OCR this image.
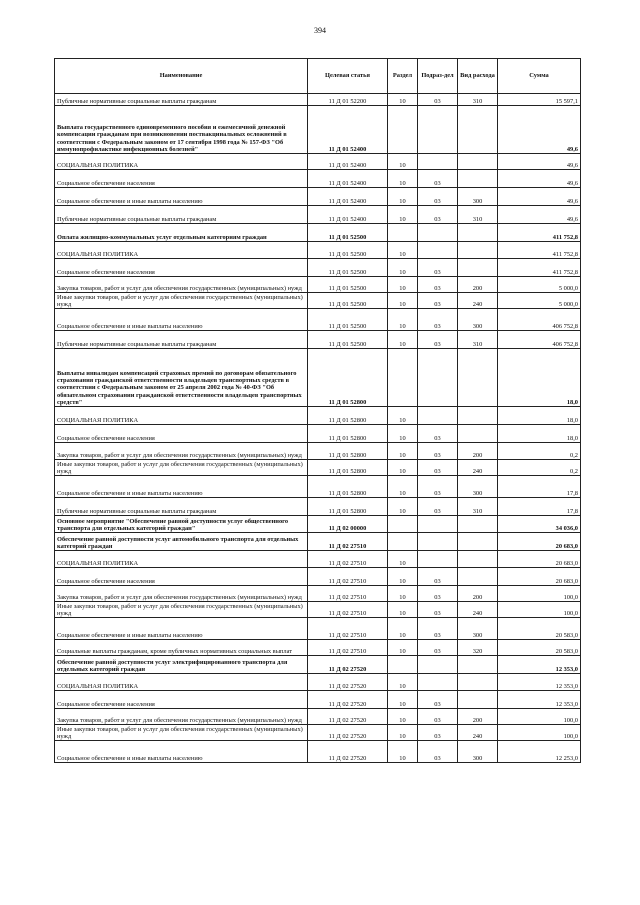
394
Наименование	Целевая статья	Раздел	Подраз-дел	Вид расхода	Сумма
Публичные нормативные социальные выплаты гражданам	11 Д 01 52200	10	03	310	15 597,1
Выплата государственного единовременного пособия и ежемесячной денежной компенсации гражданам при возникновении поствакцинальных осложнений в соответствии с Федеральным законом от 17 сентября 1998 года № 157-ФЗ "Об иммунопрофилактике инфекционных болезней"	11 Д 01 52400				49,6
СОЦИАЛЬНАЯ ПОЛИТИКА	11 Д 01 52400	10			49,6
Социальное обеспечение населения	11 Д 01 52400	10	03		49,6
Социальное обеспечение и иные выплаты населению	11 Д 01 52400	10	03	300	49,6
Публичные нормативные социальные выплаты гражданам	11 Д 01 52400	10	03	310	49,6
Оплата жилищно-коммунальных услуг отдельным категориям граждан	11 Д 01 52500				411 752,8
СОЦИАЛЬНАЯ ПОЛИТИКА	11 Д 01 52500	10			411 752,8
Социальное обеспечение населения	11 Д 01 52500	10	03		411 752,8
Закупка товаров, работ и услуг для обеспечения государственных (муниципальных) нужд	11 Д 01 52500	10	03	200	5 000,0
Иные закупки товаров, работ и услуг для обеспечения государственных (муниципальных) нужд	11 Д 01 52500	10	03	240	5 000,0
Социальное обеспечение и иные выплаты населению	11 Д 01 52500	10	03	300	406 752,8
Публичные нормативные социальные выплаты гражданам	11 Д 01 52500	10	03	310	406 752,8
Выплаты инвалидам компенсаций страховых премий по договорам обязательного страхования гражданской ответственности владельцев транспортных средств в соответствии с Федеральным законом от 25 апреля 2002 года № 40-ФЗ "Об обязательном страховании гражданской ответственности владельцев транспортных средств"	11 Д 01 52800				18,0
СОЦИАЛЬНАЯ ПОЛИТИКА	11 Д 01 52800	10			18,0
Социальное обеспечение населения	11 Д 01 52800	10	03		18,0
Закупка товаров, работ и услуг для обеспечения государственных (муниципальных) нужд	11 Д 01 52800	10	03	200	0,2
Иные закупки товаров, работ и услуг для обеспечения государственных (муниципальных) нужд	11 Д 01 52800	10	03	240	0,2
Социальное обеспечение и иные выплаты населению	11 Д 01 52800	10	03	300	17,8
Публичные нормативные социальные выплаты гражданам	11 Д 01 52800	10	03	310	17,8
Основное мероприятие "Обеспечение равной доступности услуг общественного транспорта для отдельных категорий граждан"	11 Д 02 00000				34 036,0
Обеспечение равной доступности услуг автомобильного транспорта для отдельных категорий граждан	11 Д 02 27510				20 683,0
СОЦИАЛЬНАЯ ПОЛИТИКА	11 Д 02 27510	10			20 683,0
Социальное обеспечение населения	11 Д 02 27510	10	03		20 683,0
Закупка товаров, работ и услуг для обеспечения государственных (муниципальных) нужд	11 Д 02 27510	10	03	200	100,0
Иные закупки товаров, работ и услуг для обеспечения государственных (муниципальных) нужд	11 Д 02 27510	10	03	240	100,0
Социальное обеспечение и иные выплаты населению	11 Д 02 27510	10	03	300	20 583,0
Социальные выплаты гражданам, кроме публичных нормативных социальных выплат	11 Д 02 27510	10	03	320	20 583,0
Обеспечение равной доступности услуг электрифицированного транспорта для отдельных категорий граждан	11 Д 02 27520				12 353,0
СОЦИАЛЬНАЯ ПОЛИТИКА	11 Д 02 27520	10			12 353,0
Социальное обеспечение населения	11 Д 02 27520	10	03		12 353,0
Закупка товаров, работ и услуг для обеспечения государственных (муниципальных) нужд	11 Д 02 27520	10	03	200	100,0
Иные закупки товаров, работ и услуг для обеспечения государственных (муниципальных) нужд	11 Д 02 27520	10	03	240	100,0
Социальное обеспечение и иные выплаты населению	11 Д 02 27520	10	03	300	12 253,0
